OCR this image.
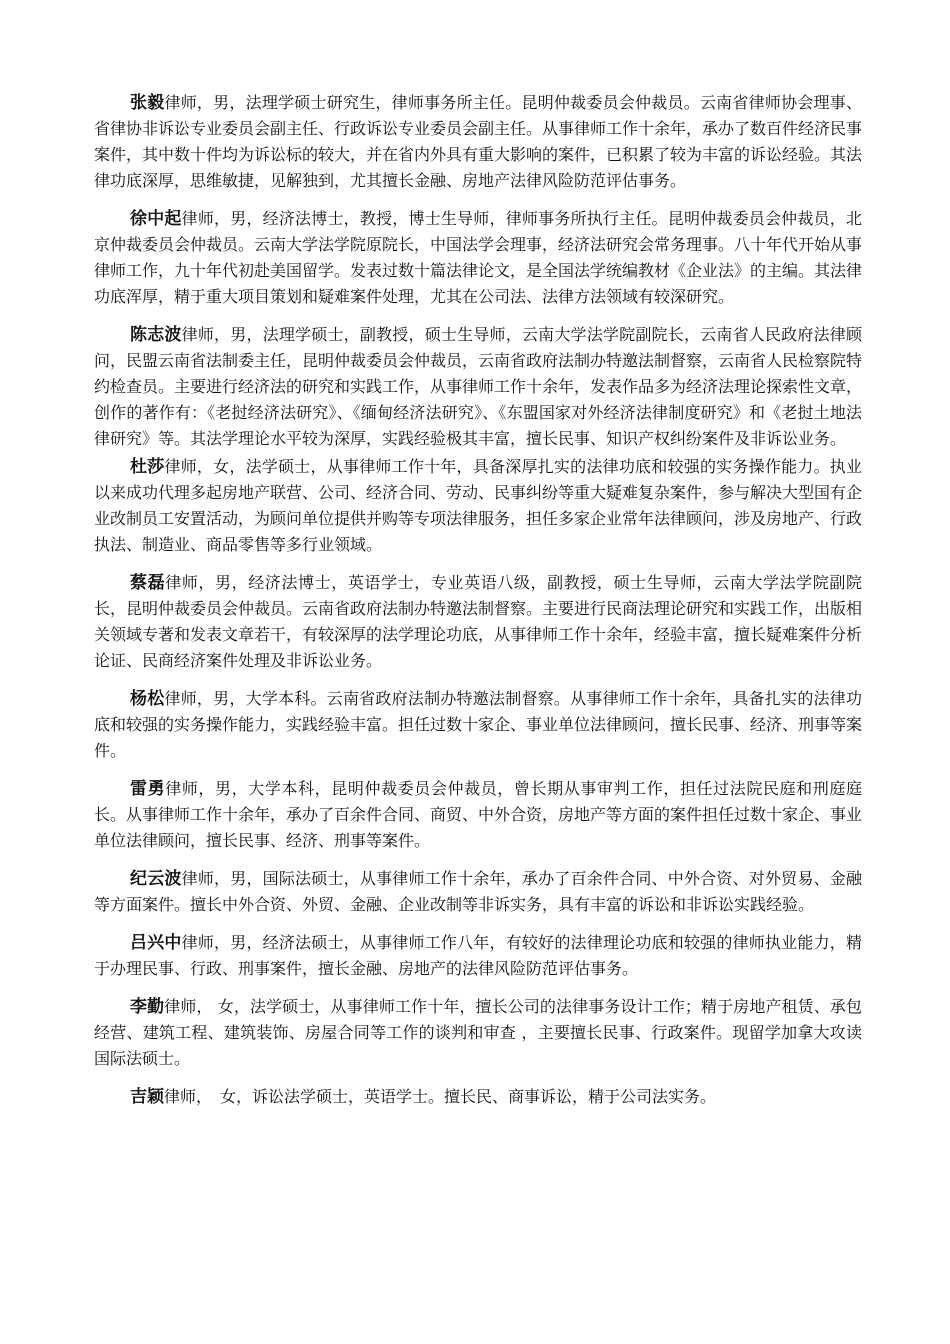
张毅律师，男，法理学硕士研究生，律师事务所主任。昆明仲裁委员会仲裁员。云南省律师协会理事、省律协非诉讼专业委员会副主任、行政诉讼专业委员会副主任。从事律师工作十余年，承办了数百件经济民事案件，其中数十件均为诉讼标的较大，并在省内外具有重大影响的案件，已积累了较为丰富的诉讼经验。其法律功底深厚，思维敏捷，见解独到，尤其擅长金融、房地产法律风险防范评估事务。

徐中起律师，男，经济法博士，教授，博士生导师，律师事务所执行主任。昆明仲裁委员会仲裁员，北京仲裁委员会仲裁员。云南大学法学院原院长，中国法学会理事，经济法研究会常务理事。八十年代开始从事律师工作，九十年代初赴美国留学。发表过数十篇法律论文，是全国法学统编教材《企业法》的主编。其法律功底浑厚，精于重大项目策划和疑难案件处理，尤其在公司法、法律方法领域有较深研究。

陈志波律师，男，法理学硕士，副教授，硕士生导师，云南大学法学院副院长，云南省人民政府法律顾问，民盟云南省法制委主任，昆明仲裁委员会仲裁员，云南省政府法制办特邀法制督察，云南省人民检察院特约检查员。主要进行经济法的研究和实践工作，从事律师工作十余年，发表作品多为经济法理论探索性文章，创作的著作有：《老挝经济法研究》、《缅甸经济法研究》、《东盟国家对外经济法律制度研究》和《老挝土地法律研究》等。其法学理论水平较为深厚，实践经验极其丰富，擅长民事、知识产权纠纷案件及非诉讼业务。

杜莎律师，女，法学硕士，从事律师工作十年，具备深厚扎实的法律功底和较强的实务操作能力。执业以来成功代理多起房地产联营、公司、经济合同、劳动、民事纠纷等重大疑难复杂案件，参与解决大型国有企业改制员工安置活动，为顾问单位提供并购等专项法律服务，担任多家企业常年法律顾问，涉及房地产、行政执法、制造业、商品零售等多行业领域。

蔡磊律师，男，经济法博士，英语学士，专业英语八级，副教授，硕士生导师，云南大学法学院副院长，昆明仲裁委员会仲裁员。云南省政府法制办特邀法制督察。主要进行民商法理论研究和实践工作，出版相关领域专著和发表文章若干，有较深厚的法学理论功底，从事律师工作十余年，经验丰富，擅长疑难案件分析论证、民商经济案件处理及非诉讼业务。

杨松律师，男，大学本科。云南省政府法制办特邀法制督察。从事律师工作十余年，具备扎实的法律功底和较强的实务操作能力，实践经验丰富。担任过数十家企、事业单位法律顾问，擅长民事、经济、刑事等案件。

雷勇律师，男，大学本科，昆明仲裁委员会仲裁员，曾长期从事审判工作，担任过法院民庭和刑庭庭长。从事律师工作十余年，承办了百余件合同、商贸、中外合资，房地产等方面的案件担任过数十家企、事业单位法律顾问，擅长民事、经济、刑事等案件。

纪云波律师，男，国际法硕士，从事律师工作十余年，承办了百余件合同、中外合资、对外贸易、金融等方面案件。擅长中外合资、外贸、金融、企业改制等非诉实务，具有丰富的诉讼和非诉讼实践经验。

吕兴中律师，男，经济法硕士，从事律师工作八年，有较好的法律理论功底和较强的律师执业能力，精于办理民事、行政、刑事案件，擅长金融、房地产的法律风险防范评估事务。

李勤律师， 女，法学硕士，从事律师工作十年，擅长公司的法律事务设计工作；精于房地产租赁、承包经营、建筑工程、建筑装饰、房屋合同等工作的谈判和审查 ，主要擅长民事、行政案件。现留学加拿大攻读国际法硕士。

吉颖律师，　女，诉讼法学硕士，英语学士。擅长民、商事诉讼，精于公司法实务。
